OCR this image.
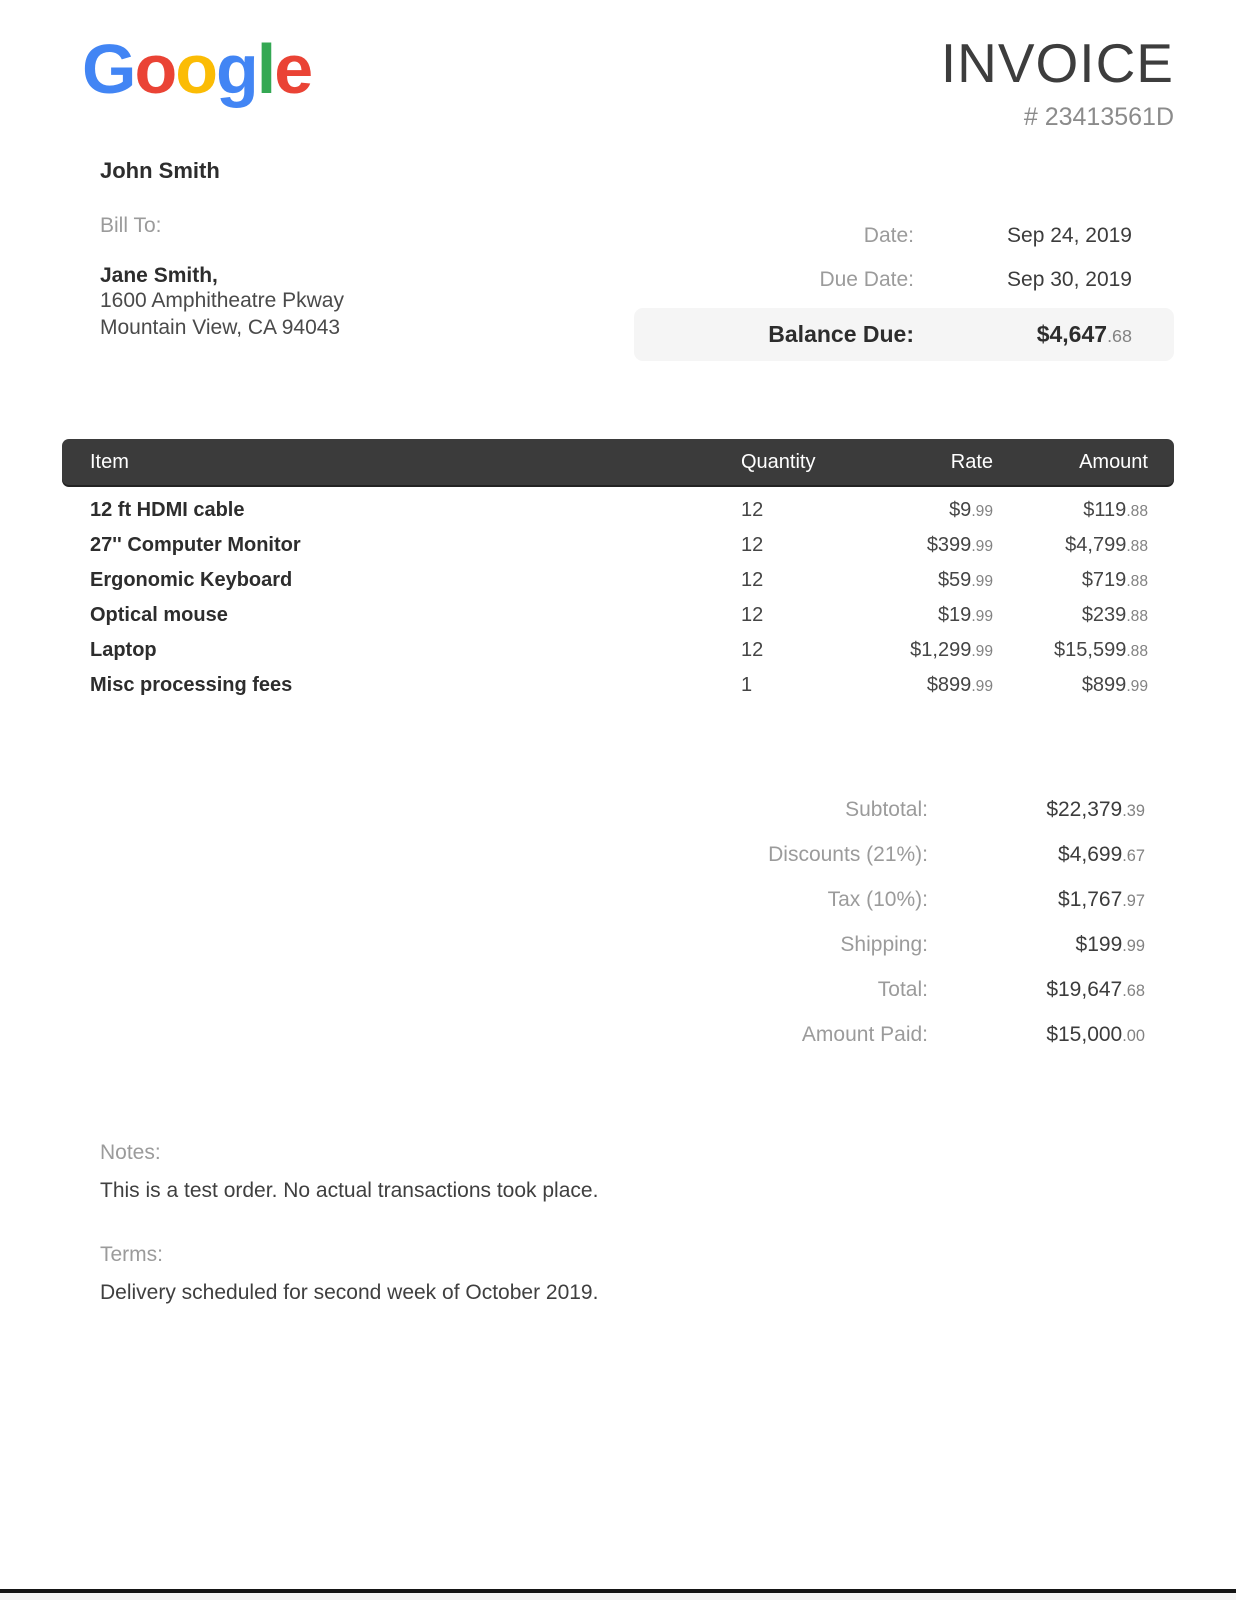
Google	INVOICE
# 23413561D
John Smith
Bill To:
Jane Smith,
1600 Amphitheatre Pkway
Mountain View, CA 94043
Date:	Sep 24, 2019
Due Date:	Sep 30, 2019
Balance Due:	$4,647.68
Item	Quantity	Rate	Amount
12 ft HDMI cable	12	$9.99	$119.88
27'' Computer Monitor	12	$399.99	$4,799.88
Ergonomic Keyboard	12	$59.99	$719.88
Optical mouse	12	$19.99	$239.88
Laptop	12	$1,299.99	$15,599.88
Misc processing fees	1	$899.99	$899.99
Subtotal:	$22,379.39
Discounts (21%):	$4,699.67
Tax (10%):	$1,767.97
Shipping:	$199.99
Total:	$19,647.68
Amount Paid:	$15,000.00
Notes:
This is a test order. No actual transactions took place.
Terms:
Delivery scheduled for second week of October 2019.
